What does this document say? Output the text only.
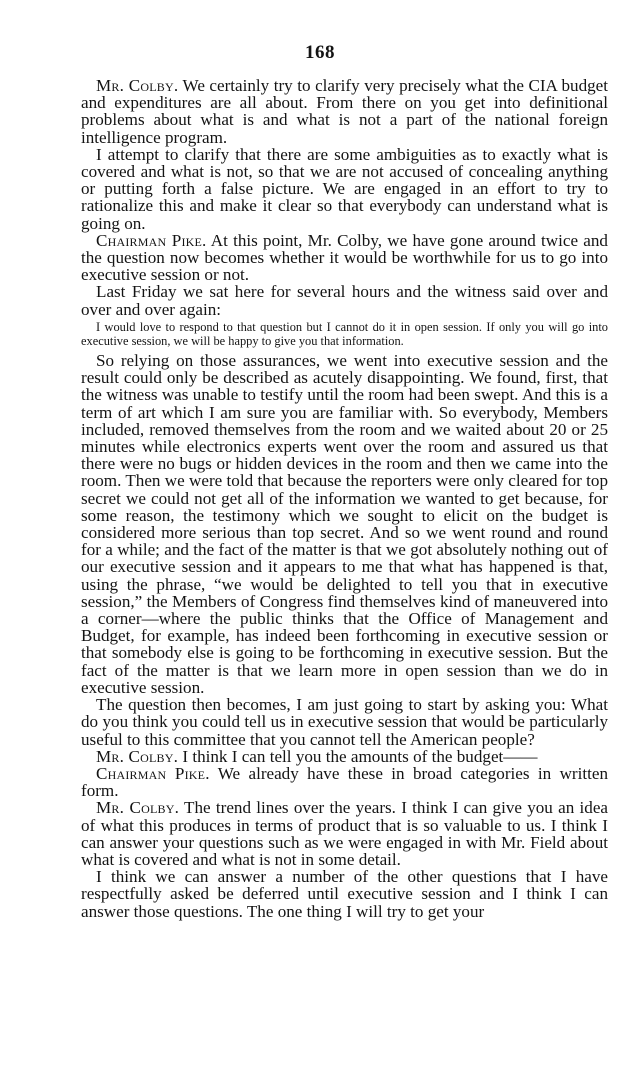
168

Mr. Colby. We certainly try to clarify very precisely what the CIA budget and expenditures are all about. From there on you get into definitional problems about what is and what is not a part of the national foreign intelligence program.

I attempt to clarify that there are some ambiguities as to exactly what is covered and what is not, so that we are not accused of concealing anything or putting forth a false picture. We are engaged in an effort to try to rationalize this and make it clear so that everybody can understand what is going on.

Chairman Pike. At this point, Mr. Colby, we have gone around twice and the question now becomes whether it would be worthwhile for us to go into executive session or not.

Last Friday we sat here for several hours and the witness said over and over and over again:

I would love to respond to that question but I cannot do it in open session. If only you will go into executive session, we will be happy to give you that information.

So relying on those assurances, we went into executive session and the result could only be described as acutely disappointing. We found, first, that the witness was unable to testify until the room had been swept. And this is a term of art which I am sure you are familiar with. So everybody, Members included, removed themselves from the room and we waited about 20 or 25 minutes while electronics experts went over the room and assured us that there were no bugs or hidden devices in the room and then we came into the room. Then we were told that because the reporters were only cleared for top secret we could not get all of the information we wanted to get because, for some reason, the testimony which we sought to elicit on the budget is considered more serious than top secret. And so we went round and round for a while; and the fact of the matter is that we got absolutely nothing out of our executive session and it appears to me that what has happened is that, using the phrase, “we would be delighted to tell you that in executive session,” the Members of Congress find themselves kind of maneuvered into a corner—where the public thinks that the Office of Management and Budget, for example, has indeed been forthcoming in executive session or that somebody else is going to be forthcoming in executive session. But the fact of the matter is that we learn more in open session than we do in executive session.

The question then becomes, I am just going to start by asking you: What do you think you could tell us in executive session that would be particularly useful to this committee that you cannot tell the American people?

Mr. Colby. I think I can tell you the amounts of the budget——

Chairman Pike. We already have these in broad categories in written form.

Mr. Colby. The trend lines over the years. I think I can give you an idea of what this produces in terms of product that is so valuable to us. I think I can answer your questions such as we were engaged in with Mr. Field about what is covered and what is not in some detail.

I think we can answer a number of the other questions that I have respectfully asked be deferred until executive session and I think I can answer those questions. The one thing I will try to get your
